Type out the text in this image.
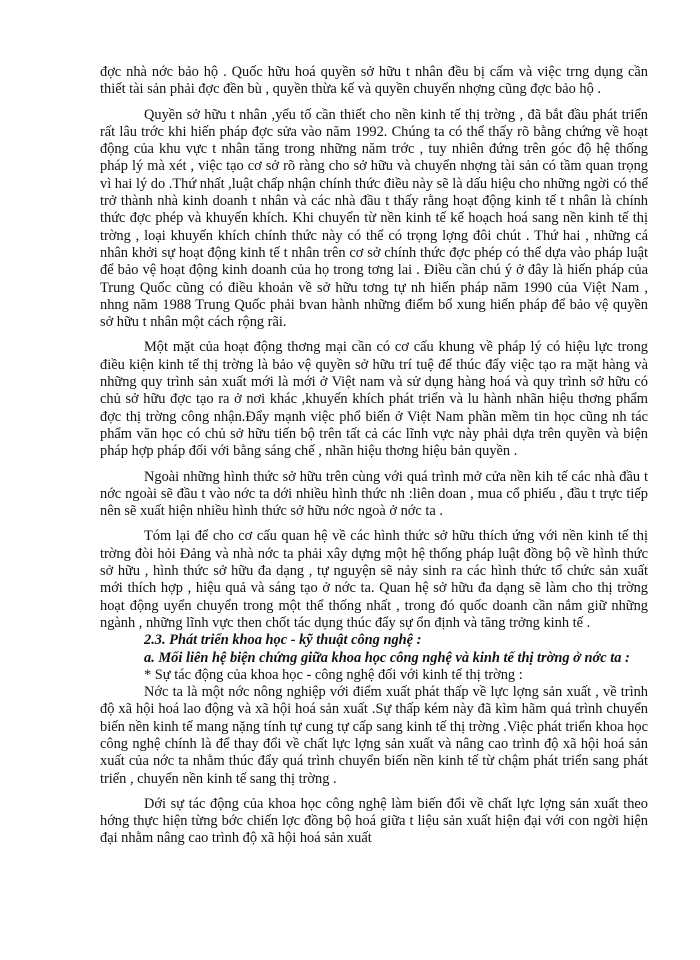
đợc nhà nớc bảo hộ . Quốc hữu hoá quyền sở hữu t nhân đều bị cấm và việc trng dụng cần thiết tài sản phải đợc đền bù , quyền thừa kế và quyền chuyển nhợng cũng đợc bảo hộ .

Quyền sở hữu t nhân ,yếu tố cần thiết cho nền kinh tế thị trờng , đã bắt đầu phát triển rất lâu trớc khi hiến pháp đợc sửa vào năm 1992. Chúng ta có thể thấy rõ bằng chứng về hoạt động của khu vực t nhân tăng trong những năm trớc , tuy nhiên đứng trên góc độ hệ thống pháp lý mà xét , việc tạo cơ sở rõ ràng cho sở hữu và chuyển nhợng tài sản có tầm quan trọng vì hai lý do .Thứ nhất ,luật chấp nhận chính thức điều này sẽ là dấu hiệu cho những ngời có thể trở thành nhà kinh doanh t nhân và các nhà đầu t thấy rằng hoạt động kinh tế t nhân là chính thức đợc phép và khuyến khích. Khi chuyển từ nền kinh tế kế hoạch hoá sang nền kinh tế thị trờng , loại khuyến khích chính thức này có thể có trọng lợng đôi chút . Thứ hai , những cá nhân khởi sự hoạt động kinh tế t nhân trên cơ sở chính thức đợc phép có thể dựa vào pháp luật để bảo vệ hoạt động kinh doanh của họ trong tơng lai . Điều cần chú ý ở đây là hiến pháp của Trung Quốc cũng có điều khoản về sở hữu tơng tự nh hiến pháp năm 1990 của Việt Nam , nhng năm 1988 Trung Quốc phải bvan hành những điểm bổ xung hiến pháp để bảo vệ quyền sở hữu t nhân một cách rộng rãi.

Một mặt của hoạt động thơng mại cần có cơ cấu khung về pháp lý có hiệu lực trong điều kiện kinh tế thị trờng là bảo vệ quyền sở hữu trí tuệ để thúc đẩy việc tạo ra mặt hàng và những quy trình sản xuất mới là mới ở Việt nam và sử dụng hàng hoá và quy trình sở hữu có chủ sở hữu đợc tạo ra ở nơi khác ,khuyến khích phát triển và lu hành nhãn hiệu thơng phẩm đợc thị trờng công nhận.Đẩy mạnh việc phổ biến ở Việt Nam phần mềm tin học cũng nh tác phẩm văn học có chủ sở hữu tiến bộ trên tất cả các lĩnh vực này phải dựa trên quyền và biện pháp hợp pháp đối với bằng sáng chế , nhãn hiệu thơng hiệu bản quyền .

Ngoài những hình thức sở hữu trên cùng với quá trình mở cửa nền kih tế các nhà đầu t nớc ngoài sẽ đầu t vào nớc ta dới nhiều hình thức nh :liên doan , mua cổ phiếu , đầu t trực tiếp nên sẽ xuất hiện nhiều hình thức sở hữu nớc ngoà ở nớc ta .

Tóm lại để cho cơ cấu quan hệ về các hình thức sở hữu thích ứng với nền kinh tế thị trờng đòi hỏi Đảng và nhà nớc ta phải xây dựng một hệ thống pháp luật đồng bộ về hình thức sở hữu , hình thức sở hữu đa dạng , tự nguyện sẽ nảy sinh ra các hình thức tổ chức sản xuất mới thích hợp , hiệu quả và sáng tạo ở nớc ta. Quan hệ sở hữu đa dạng sẽ làm cho thị trờng hoạt động uyển chuyển trong một thể thống nhất , trong đó quốc doanh cần nắm giữ những ngành , những lĩnh vực then chốt tác dụng thúc đẩy sự ổn định và tăng trởng kinh tế .

2.3. Phát triển khoa học - kỹ thuật công nghệ :

a. Mối liên hệ biện chứng giữa khoa học công nghệ và kinh tế thị trờng ở nớc ta :

* Sự tác động của khoa học - công nghệ đối với kinh tế thị trờng :

Nớc ta là một nớc nông nghiệp với điểm xuất phát thấp về lực lợng sản xuất , về trình độ xã hội hoá lao động và xã hội hoá sản xuất .Sự thấp kém này đã kìm hãm quá trình chuyển biến nền kinh tế mang nặng tính tự cung tự cấp sang kinh tế thị trờng .Việc phát triển khoa học công nghệ chính là để thay đổi về chất lực lợng sản xuất và nâng cao trình độ xã hội hoá sản xuất của nớc ta nhằm thúc đẩy quá trình chuyển biến nền kinh tế từ chậm phát triển sang phát triển , chuyển nền kinh tế sang thị trờng .

Dới sự tác động của khoa học công nghệ làm biến đổi về chất lực lợng sản xuất theo hớng thực hiện từng bớc chiến lợc đồng bộ hoá giữa t liệu sản xuất hiện đại với con ngời hiện đại nhằm nâng cao trình độ xã hội hoá sản xuất
